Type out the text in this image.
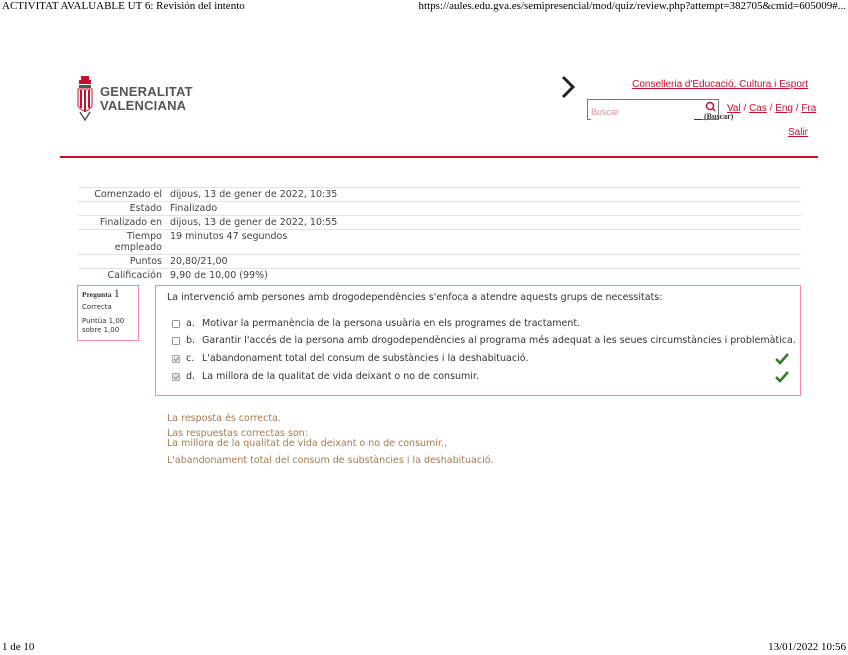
ACTIVITAT AVALUABLE UT 6: Revisión del intento	https://aules.edu.gva.es/semipresencial/mod/quiz/review.php?attempt=382705&cmid=605009#...
1 de 10	13/01/2022 10:56
GENERALITAT
VALENCIANA
Conselleria d'Educació, Cultura i Esport
Buscar
(Buscar)
Val / Cas / Eng / Fra
Salir
Comenzado el	dijous, 13 de gener de 2022, 10:35
Estado	Finalizado
Finalizado en	dijous, 13 de gener de 2022, 10:55
Tiempo empleado	19 minutos 47 segundos
Puntos	20,80/21,00
Calificación	9,90 de 10,00 (99%)
Pregunta 1
Correcta
Puntúa 1,00 sobre 1,00
La intervenció amb persones amb drogodependències s'enfoca a atendre aquests grups de necessitats:
a. Motivar la permanència de la persona usuària en els programes de tractament.
b. Garantir l'accés de la persona amb drogodependències al programa més adequat a les seues circumstàncies i problemàtica.
c. L'abandonament total del consum de substàncies i la deshabituació.
d. La millora de la qualitat de vida deixant o no de consumir.
La resposta és correcta.
Las respuestas correctas son:
La millora de la qualitat de vida deixant o no de consumir.,
L'abandonament total del consum de substàncies i la deshabituació.
